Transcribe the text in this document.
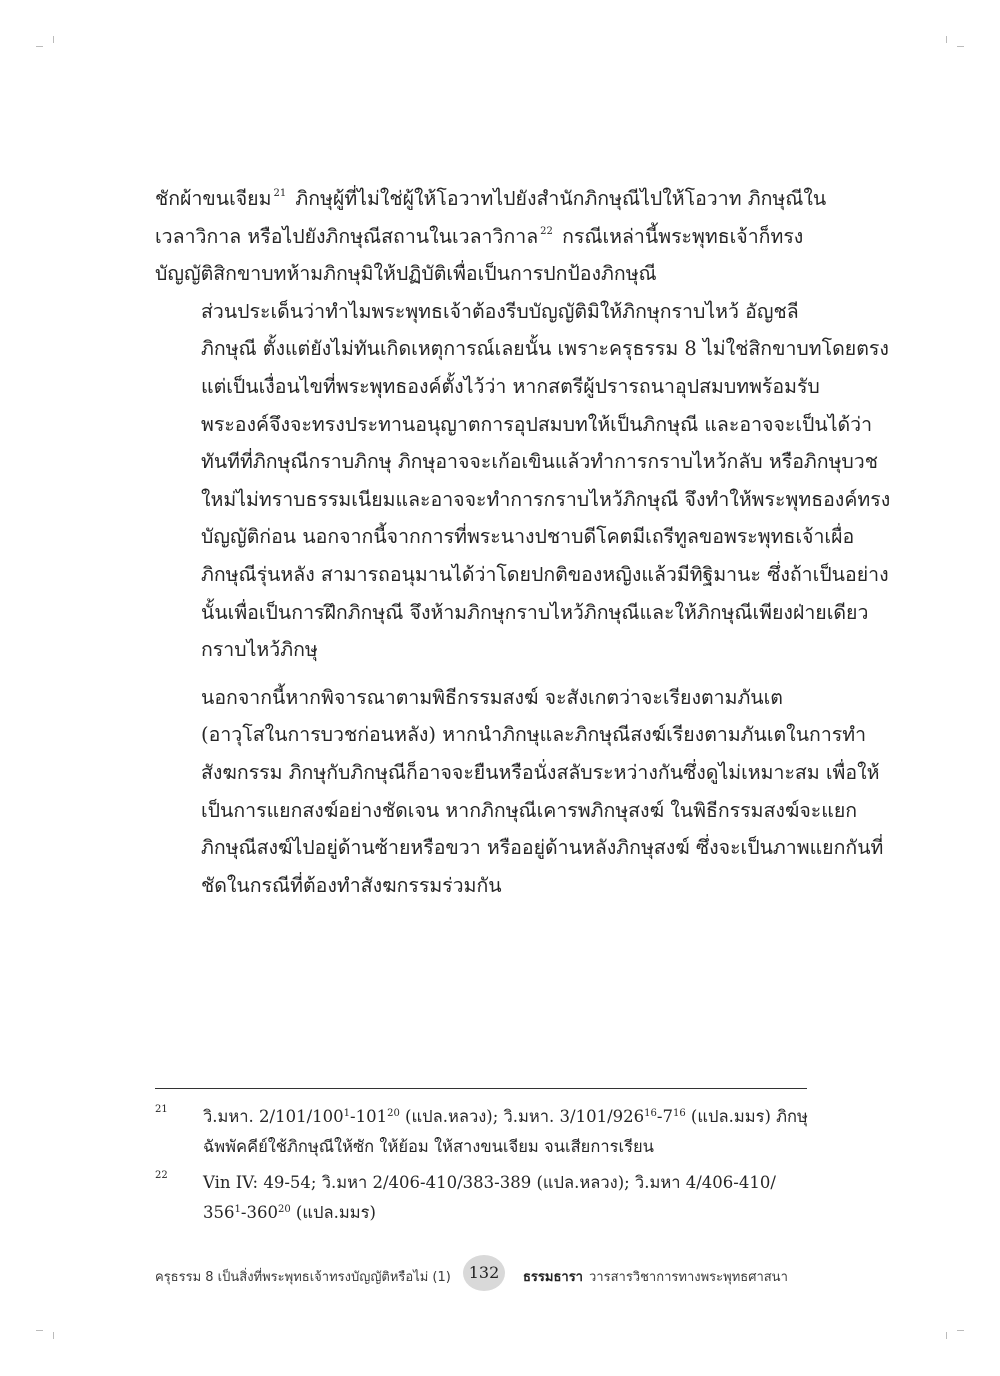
ชักผ้าขนเจียม $^{21}$ ภิกษุผู้ที่ไม่ใช่ผู้ให้โอวาทไปยังสำนักภิกษุณีไปให้โอวาท ภิกษุณีใน
เวลาวิกาล หรือไปยังภิกษุณีสถานในเวลาวิกาล $^{22}$ กรณีเหล่านี้พระพุทธเจ้าก็ทรง
บัญญัติสิกขาบทห้ามภิกษุมิให้ปฏิบัติเพื่อเป็นการปกป้องภิกษุณี

ส่วนประเด็นว่าทำไมพระพุทธเจ้าต้องรีบบัญญัติมิให้ภิกษุกราบไหว้ อัญชลี
ภิกษุณี ตั้งแต่ยังไม่ทันเกิดเหตุการณ์เลยนั้น เพราะครุธรรม 8 ไม่ใช่สิกขาบทโดยตรง
แต่เป็นเงื่อนไขที่พระพุทธองค์ตั้งไว้ว่า หากสตรีผู้ปรารถนาอุปสมบทพร้อมรับ
พระองค์จึงจะทรงประทานอนุญาตการอุปสมบทให้เป็นภิกษุณี และอาจจะเป็นได้ว่า
ทันทีที่ภิกษุณีกราบภิกษุ ภิกษุอาจจะเก้อเขินแล้วทำการกราบไหว้กลับ หรือภิกษุบวช
ใหม่ไม่ทราบธรรมเนียมและอาจจะทำการกราบไหว้ภิกษุณี จึงทำให้พระพุทธองค์ทรง
บัญญัติก่อน นอกจากนี้จากการที่พระนางปชาบดีโคตมีเถรีทูลขอพระพุทธเจ้าเผื่อ
ภิกษุณีรุ่นหลัง สามารถอนุมานได้ว่าโดยปกติของหญิงแล้วมีทิฐิมานะ ซึ่งถ้าเป็นอย่าง
นั้นเพื่อเป็นการฝึกภิกษุณี จึงห้ามภิกษุกราบไหว้ภิกษุณีและให้ภิกษุณีเพียงฝ่ายเดียว
กราบไหว้ภิกษุ

นอกจากนี้หากพิจารณาตามพิธีกรรมสงฆ์ จะสังเกตว่าจะเรียงตามภันเต
(อาวุโสในการบวชก่อนหลัง) หากนำภิกษุและภิกษุณีสงฆ์เรียงตามภันเตในการทำ
สังฆกรรม ภิกษุกับภิกษุณีก็อาจจะยืนหรือนั่งสลับระหว่างกันซึ่งดูไม่เหมาะสม เพื่อให้
เป็นการแยกสงฆ์อย่างชัดเจน หากภิกษุณีเคารพภิกษุสงฆ์ ในพิธีกรรมสงฆ์จะแยก
ภิกษุณีสงฆ์ไปอยู่ด้านซ้ายหรือขวา หรืออยู่ด้านหลังภิกษุสงฆ์ ซึ่งจะเป็นภาพแยกกันที่
ชัดในกรณีที่ต้องทำสังฆกรรมร่วมกัน

21 วิ.มหา. $2/101/100^1-101^{20}$ (แปล.หลวง); วิ.มหา. $3/101/926^{16}-7^{16}$ (แปล.มมร) ภิกษุ
ฉัพพัคคีย์ใช้ภิกษุณีให้ซัก ให้ย้อม ให้สางขนเจียม จนเสียการเรียน
22 Vin IV: 49-54; วิ.มหา 2/406-410/383-389 (แปล.หลวง); วิ.มหา 4/406-410/
$356^1-360^{20}$ (แปล.มมร)
ครุธรรม 8 เป็นสิ่งที่พระพุทธเจ้าทรงบัญญัติหรือไม่ (1)	132	ธรรมธารา วารสารวิชาการทางพระพุทธศาสนา
